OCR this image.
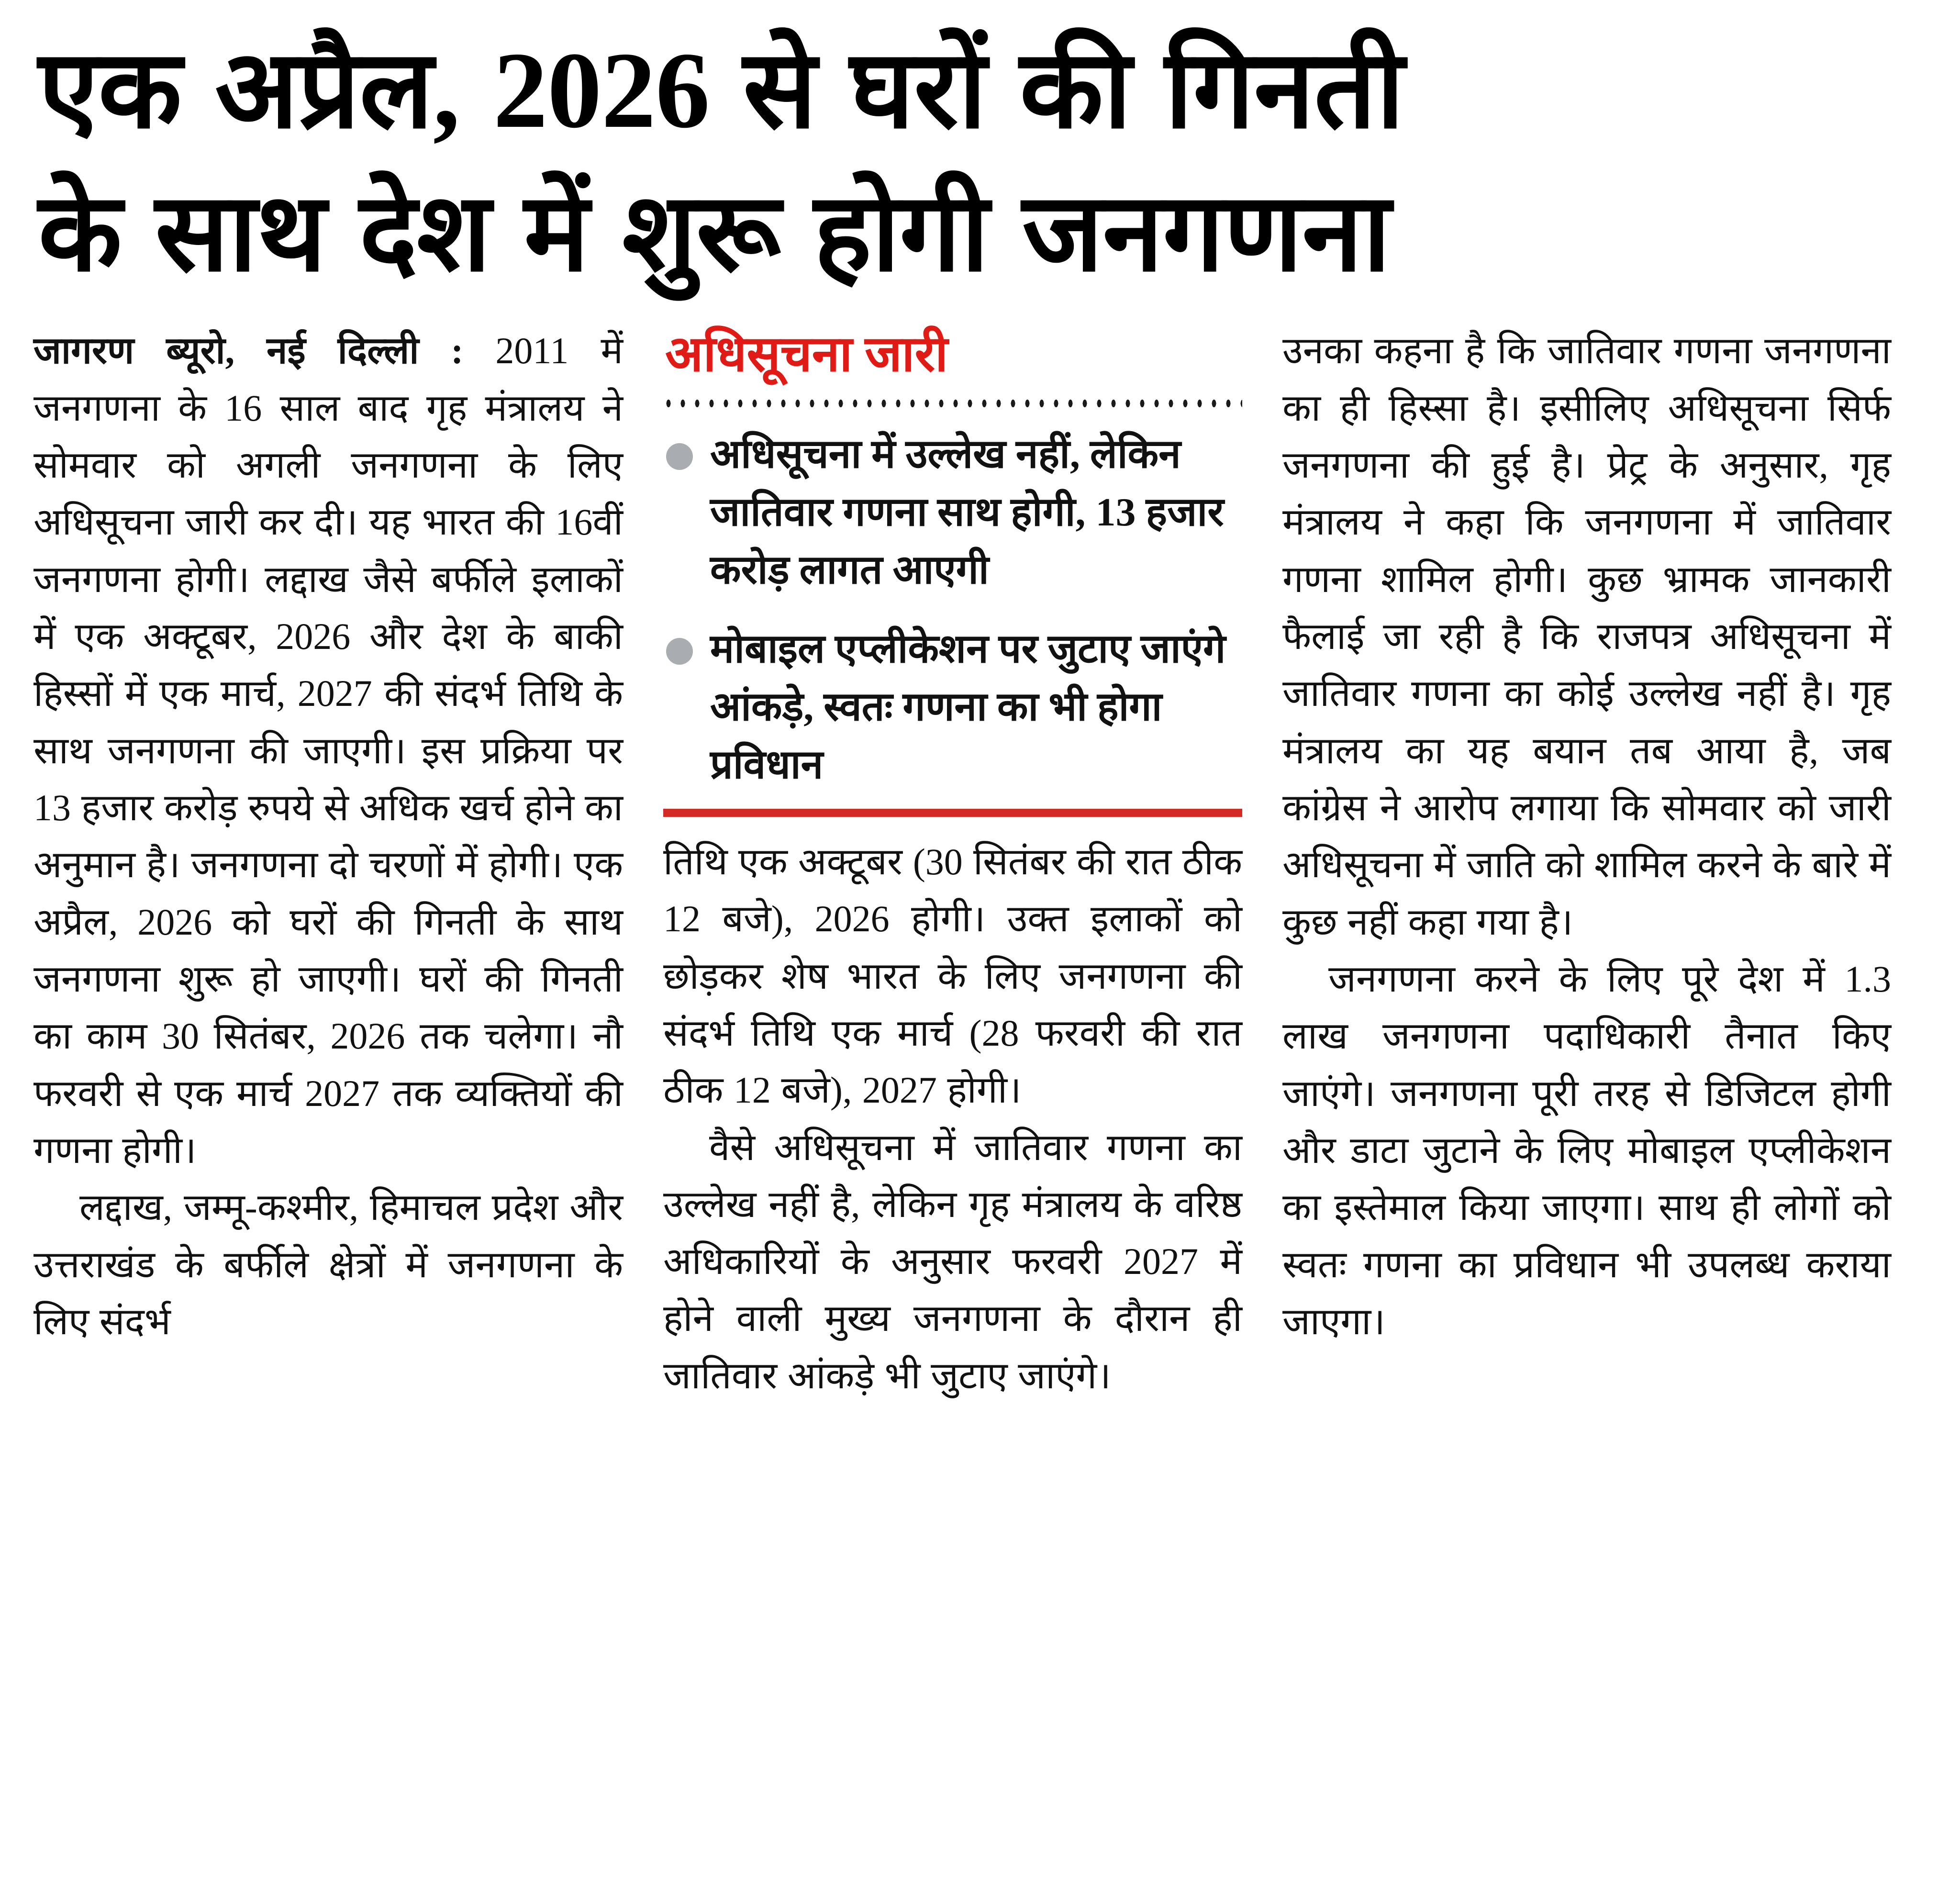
एक अप्रैल, 2026 से घरों की गिनती
के साथ देश में शुरू होगी जनगणना

जागरण ब्यूरो, नई दिल्ली : 2011 में जनगणना के 16 साल बाद गृह मंत्रालय ने सोमवार को अगली जनगणना के लिए अधिसूचना जारी कर दी। यह भारत की 16वीं जनगणना होगी। लद्दाख जैसे बर्फीले इलाकों में एक अक्टूबर, 2026 और देश के बाकी हिस्सों में एक मार्च, 2027 की संदर्भ तिथि के साथ जनगणना की जाएगी। इस प्रक्रिया पर 13 हजार करोड़ रुपये से अधिक खर्च होने का अनुमान है। जनगणना दो चरणों में होगी। एक अप्रैल, 2026 को घरों की गिनती के साथ जनगणना शुरू हो जाएगी। घरों की गिनती का काम 30 सितंबर, 2026 तक चलेगा। नौ फरवरी से एक मार्च 2027 तक व्यक्तियों की गणना होगी।

लद्दाख, जम्मू-कश्मीर, हिमाचल प्रदेश और उत्तराखंड के बर्फीले क्षेत्रों में जनगणना के लिए संदर्भ

अधिसूचना जारी
अधिसूचना में उल्लेख नहीं, लेकिन जातिवार गणना साथ होगी, 13 हजार करोड़ लागत आएगी
मोबाइल एप्लीकेशन पर जुटाए जाएंगे आंकड़े, स्वतः गणना का भी होगा प्रविधान

तिथि एक अक्टूबर (30 सितंबर की रात ठीक 12 बजे), 2026 होगी। उक्त इलाकों को छोड़कर शेष भारत के लिए जनगणना की संदर्भ तिथि एक मार्च (28 फरवरी की रात ठीक 12 बजे), 2027 होगी।

वैसे अधिसूचना में जातिवार गणना का उल्लेख नहीं है, लेकिन गृह मंत्रालय के वरिष्ठ अधिकारियों के अनुसार फरवरी 2027 में होने वाली मुख्य जनगणना के दौरान ही जातिवार आंकड़े भी जुटाए जाएंगे।

उनका कहना है कि जातिवार गणना जनगणना का ही हिस्सा है। इसीलिए अधिसूचना सिर्फ जनगणना की हुई है। प्रेट्र के अनुसार, गृह मंत्रालय ने कहा कि जनगणना में जातिवार गणना शामिल होगी। कुछ भ्रामक जानकारी फैलाई जा रही है कि राजपत्र अधिसूचना में जातिवार गणना का कोई उल्लेख नहीं है। गृह मंत्रालय का यह बयान तब आया है, जब कांग्रेस ने आरोप लगाया कि सोमवार को जारी अधिसूचना में जाति को शामिल करने के बारे में कुछ नहीं कहा गया है।

जनगणना करने के लिए पूरे देश में 1.3 लाख जनगणना पदाधिकारी तैनात किए जाएंगे। जनगणना पूरी तरह से डिजिटल होगी और डाटा जुटाने के लिए मोबाइल एप्लीकेशन का इस्तेमाल किया जाएगा। साथ ही लोगों को स्वतः गणना का प्रविधान भी उपलब्ध कराया जाएगा।
